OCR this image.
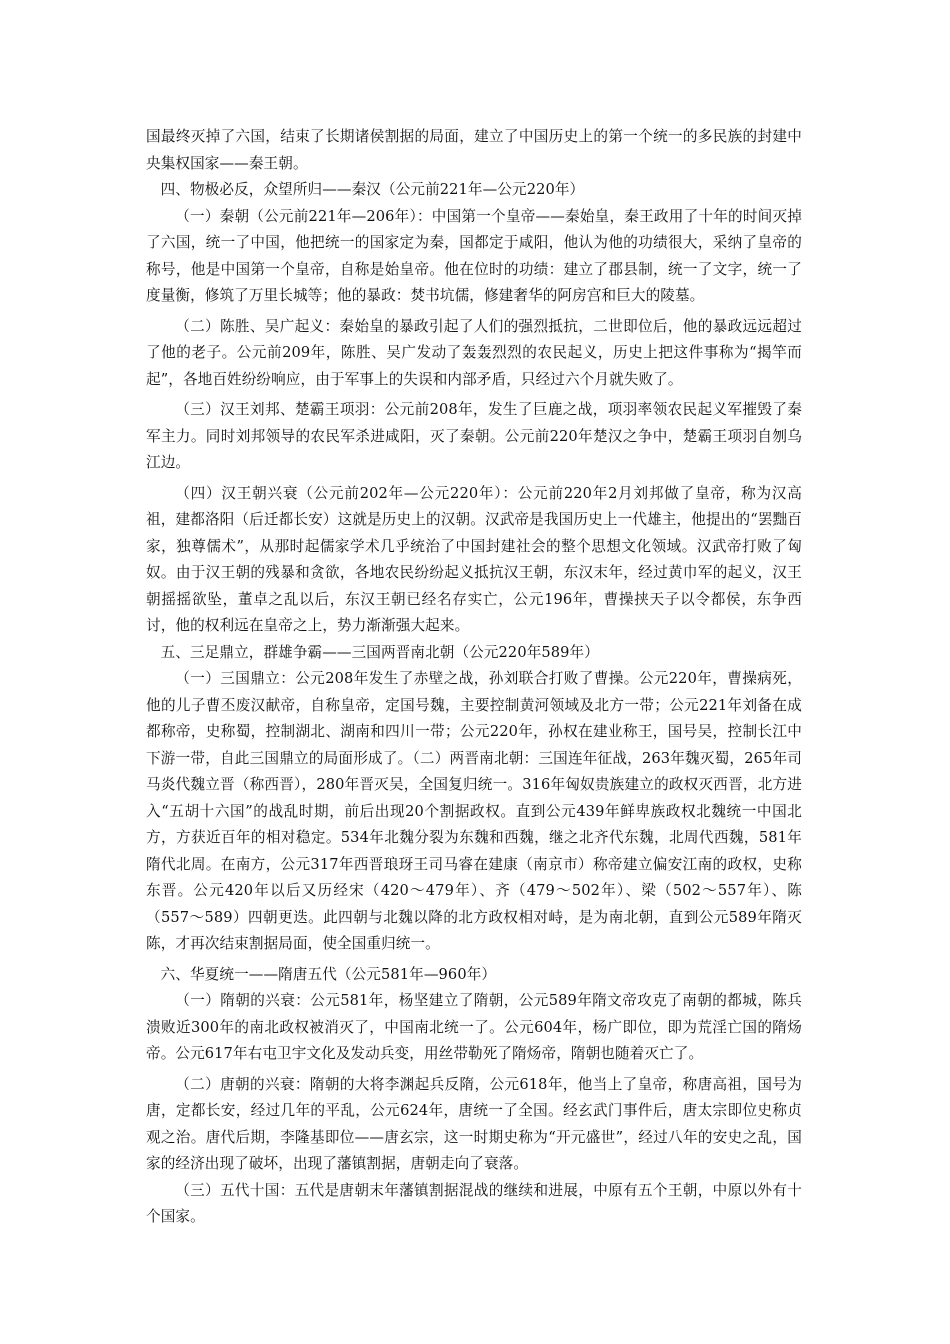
国最终灭掉了六国，结束了长期诸侯割据的局面，建立了中国历史上的第一个统一的多民族的封建中央集权国家——秦王朝。

四、物极必反，众望所归——秦汉（公元前221年—公元220年）

（一）秦朝（公元前221年—206年）：中国第一个皇帝——秦始皇，秦王政用了十年的时间灭掉了六国，统一了中国，他把统一的国家定为秦，国都定于咸阳，他认为他的功绩很大，采纳了皇帝的称号，他是中国第一个皇帝，自称是始皇帝。他在位时的功绩：建立了郡县制，统一了文字，统一了度量衡，修筑了万里长城等；他的暴政：焚书坑儒，修建奢华的阿房宫和巨大的陵墓。

（二）陈胜、吴广起义：秦始皇的暴政引起了人们的强烈抵抗，二世即位后，他的暴政远远超过了他的老子。公元前209年，陈胜、吴广发动了轰轰烈烈的农民起义，历史上把这件事称为“揭竿而起”，各地百姓纷纷响应，由于军事上的失误和内部矛盾，只经过六个月就失败了。

（三）汉王刘邦、楚霸王项羽：公元前208年，发生了巨鹿之战，项羽率领农民起义军摧毁了秦军主力。同时刘邦领导的农民军杀进咸阳，灭了秦朝。公元前220年楚汉之争中，楚霸王项羽自刎乌江边。

（四）汉王朝兴衰（公元前202年—公元220年）：公元前220年2月刘邦做了皇帝，称为汉高祖，建都洛阳（后迁都长安）这就是历史上的汉朝。汉武帝是我国历史上一代雄主，他提出的“罢黜百家，独尊儒术”，从那时起儒家学术几乎统治了中国封建社会的整个思想文化领域。汉武帝打败了匈奴。由于汉王朝的残暴和贪欲，各地农民纷纷起义抵抗汉王朝，东汉末年，经过黄巾军的起义，汉王朝摇摇欲坠，董卓之乱以后，东汉王朝已经名存实亡，公元196年，曹操挟天子以令都侯，东争西讨，他的权利远在皇帝之上，势力渐渐强大起来。

五、三足鼎立，群雄争霸——三国两晋南北朝（公元220年589年）

（一）三国鼎立：公元208年发生了赤壁之战，孙刘联合打败了曹操。公元220年，曹操病死，他的儿子曹丕废汉献帝，自称皇帝，定国号魏，主要控制黄河领域及北方一带；公元221年刘备在成都称帝，史称蜀，控制湖北、湖南和四川一带；公元220年，孙权在建业称王，国号吴，控制长江中下游一带，自此三国鼎立的局面形成了。（二）两晋南北朝：三国连年征战，263年魏灭蜀，265年司马炎代魏立晋（称西晋），280年晋灭吴，全国复归统一。316年匈奴贵族建立的政权灭西晋，北方进入“五胡十六国”的战乱时期，前后出现20个割据政权。直到公元439年鲜卑族政权北魏统一中国北方，方获近百年的相对稳定。534年北魏分裂为东魏和西魏，继之北齐代东魏，北周代西魏，581年隋代北周。在南方，公元317年西晋琅玡王司马睿在建康（南京市）称帝建立偏安江南的政权，史称东晋。公元420年以后又历经宋（420～479年）、齐（479～502年）、梁（502～557年）、陈（557～589）四朝更迭。此四朝与北魏以降的北方政权相对峙，是为南北朝，直到公元589年隋灭陈，才再次结束割据局面，使全国重归统一。

六、华夏统一——隋唐五代（公元581年—960年）

（一）隋朝的兴衰：公元581年，杨坚建立了隋朝，公元589年隋文帝攻克了南朝的都城，陈兵溃败近300年的南北政权被消灭了，中国南北统一了。公元604年，杨广即位，即为荒淫亡国的隋炀帝。公元617年右屯卫宇文化及发动兵变，用丝带勒死了隋炀帝，隋朝也随着灭亡了。

（二）唐朝的兴衰：隋朝的大将李渊起兵反隋，公元618年，他当上了皇帝，称唐高祖，国号为唐，定都长安，经过几年的平乱，公元624年，唐统一了全国。经玄武门事件后，唐太宗即位史称贞观之治。唐代后期，李隆基即位——唐玄宗，这一时期史称为“开元盛世”，经过八年的安史之乱，国家的经济出现了破坏，出现了藩镇割据，唐朝走向了衰落。

（三）五代十国：五代是唐朝末年藩镇割据混战的继续和进展，中原有五个王朝，中原以外有十个国家。
